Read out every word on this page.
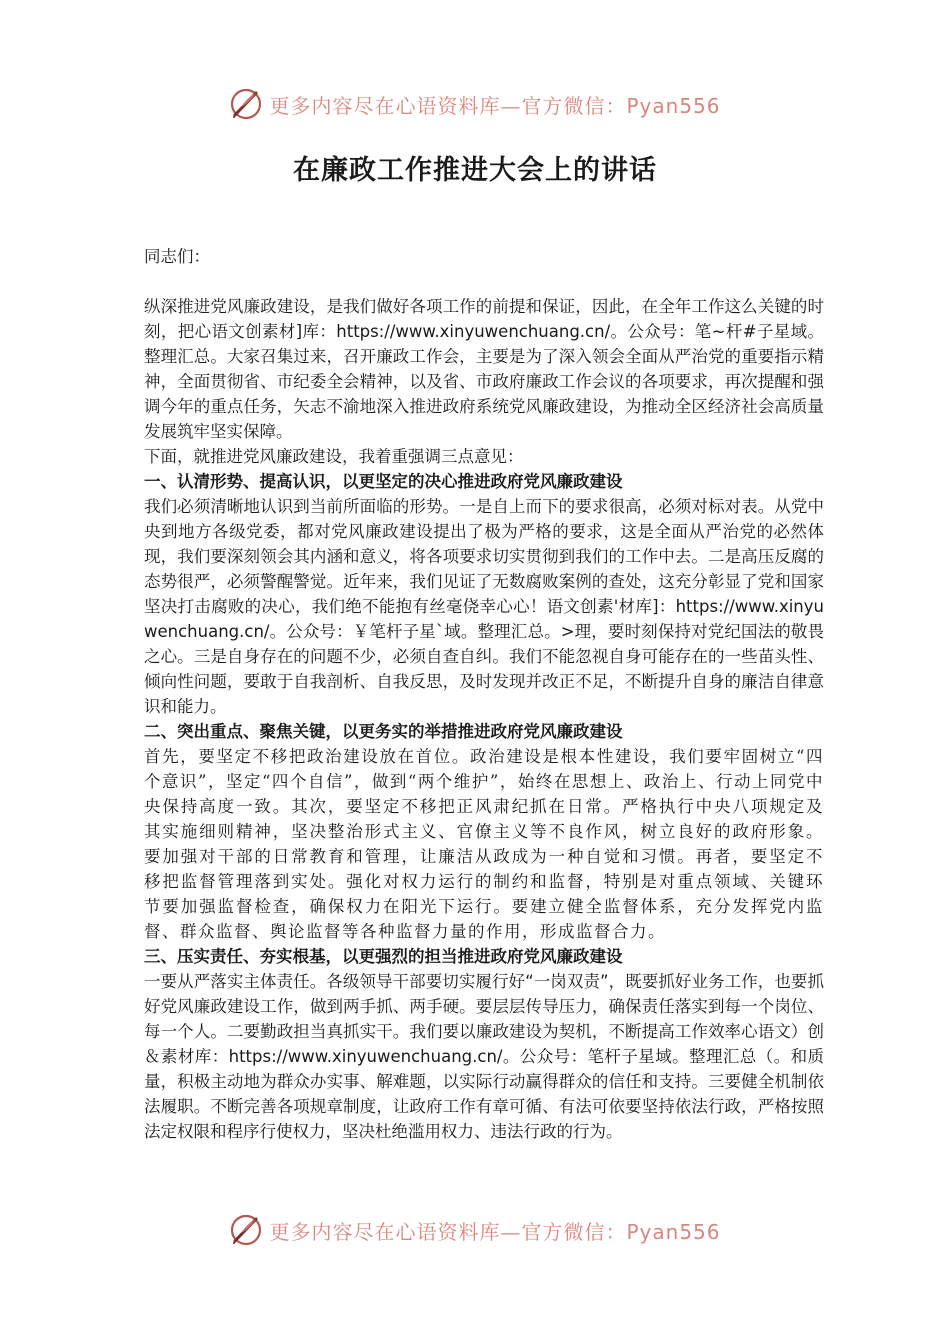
更多内容尽在心语资料库—官方微信：Pyan556
在廉政工作推进大会上的讲话

同志们：

纵深推进党风廉政建设，是我们做好各项工作的前提和保证，因此，在全年工作这么关键的时刻，把心语文创素材]库：https://www.xinyuwenchuang.cn/。公众号：笔~杆#子星域。整理汇总。大家召集过来，召开廉政工作会，主要是为了深入领会全面从严治党的重要指示精神，全面贯彻省、市纪委全会精神，以及省、市政府廉政工作会议的各项要求，再次提醒和强调今年的重点任务，矢志不渝地深入推进政府系统党风廉政建设，为推动全区经济社会高质量发展筑牢坚实保障。

下面，就推进党风廉政建设，我着重强调三点意见：

一、认清形势、提高认识，以更坚定的决心推进政府党风廉政建设

我们必须清晰地认识到当前所面临的形势。一是自上而下的要求很高，必须对标对表。从党中央到地方各级党委，都对党风廉政建设提出了极为严格的要求，这是全面从严治党的必然体现，我们要深刻领会其内涵和意义，将各项要求切实贯彻到我们的工作中去。二是高压反腐的态势很严，必须警醒警觉。近年来，我们见证了无数腐败案例的查处，这充分彰显了党和国家坚决打击腐败的决心，我们绝不能抱有丝毫侥幸心心！语文创素'材库]：https://www.xinyuwenchuang.cn/。公众号：￥笔杆子星`域。整理汇总。>理，要时刻保持对党纪国法的敬畏之心。三是自身存在的问题不少，必须自查自纠。我们不能忽视自身可能存在的一些苗头性、倾向性问题，要敢于自我剖析、自我反思，及时发现并改正不足，不断提升自身的廉洁自律意识和能力。

二、突出重点、聚焦关键，以更务实的举措推进政府党风廉政建设

首先，要坚定不移把政治建设放在首位。政治建设是根本性建设，我们要牢固树立“四个意识”，坚定“四个自信”，做到“两个维护”，始终在思想上、政治上、行动上同党中央保持高度一致。其次，要坚定不移把正风肃纪抓在日常。严格执行中央八项规定及其实施细则精神，坚决整治形式主义、官僚主义等不良作风，树立良好的政府形象。要加强对干部的日常教育和管理，让廉洁从政成为一种自觉和习惯。再者，要坚定不移把监督管理落到实处。强化对权力运行的制约和监督，特别是对重点领域、关键环节要加强监督检查，确保权力在阳光下运行。要建立健全监督体系，充分发挥党内监督、群众监督、舆论监督等各种监督力量的作用，形成监督合力。

三、压实责任、夯实根基，以更强烈的担当推进政府党风廉政建设

一要从严落实主体责任。各级领导干部要切实履行好“一岗双责”，既要抓好业务工作，也要抓好党风廉政建设工作，做到两手抓、两手硬。要层层传导压力，确保责任落实到每一个岗位、每一个人。二要勤政担当真抓实干。我们要以廉政建设为契机，不断提高工作效率心语文）创＆素材库：https://www.xinyuwenchuang.cn/。公众号：笔杆子星域。整理汇总（。和质量，积极主动地为群众办实事、解难题，以实际行动赢得群众的信任和支持。三要健全机制依法履职。不断完善各项规章制度，让政府工作有章可循、有法可依要坚持依法行政，严格按照法定权限和程序行使权力，坚决杜绝滥用权力、违法行政的行为。

更多内容尽在心语资料库—官方微信：Pyan556
